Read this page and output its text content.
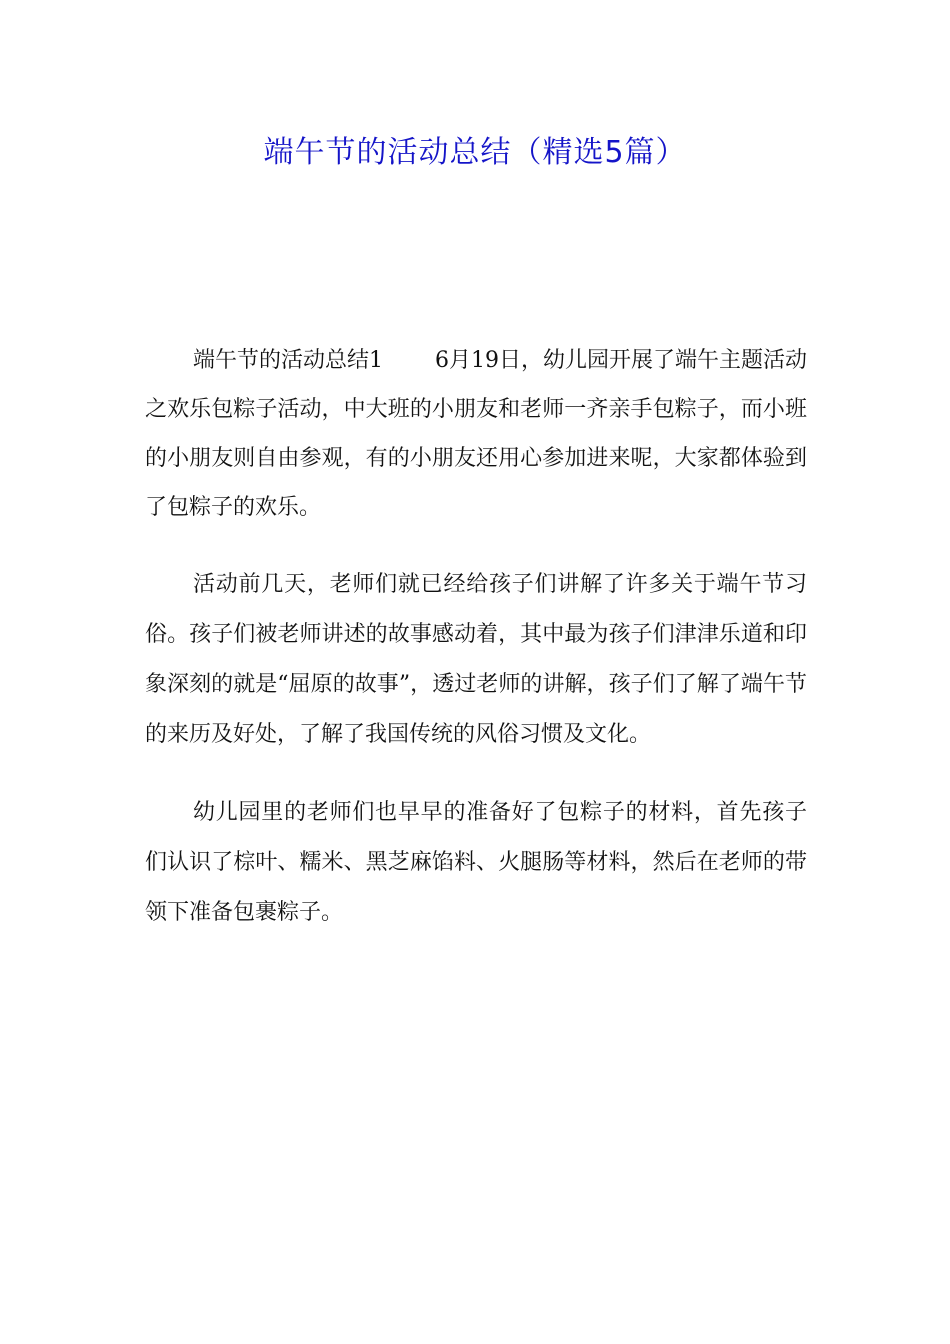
端午节的活动总结（精选5篇）

端午节的活动总结1 6月19日，幼儿园开展了端午主题活动之欢乐包粽子活动，中大班的小朋友和老师一齐亲手包粽子，而小班的小朋友则自由参观，有的小朋友还用心参加进来呢，大家都体验到了包粽子的欢乐。

活动前几天，老师们就已经给孩子们讲解了许多关于端午节习俗。孩子们被老师讲述的故事感动着，其中最为孩子们津津乐道和印象深刻的就是“屈原的故事”，透过老师的讲解，孩子们了解了端午节的来历及好处，了解了我国传统的风俗习惯及文化。

幼儿园里的老师们也早早的准备好了包粽子的材料，首先孩子们认识了棕叶、糯米、黑芝麻馅料、火腿肠等材料，然后在老师的带领下准备包裹粽子。
